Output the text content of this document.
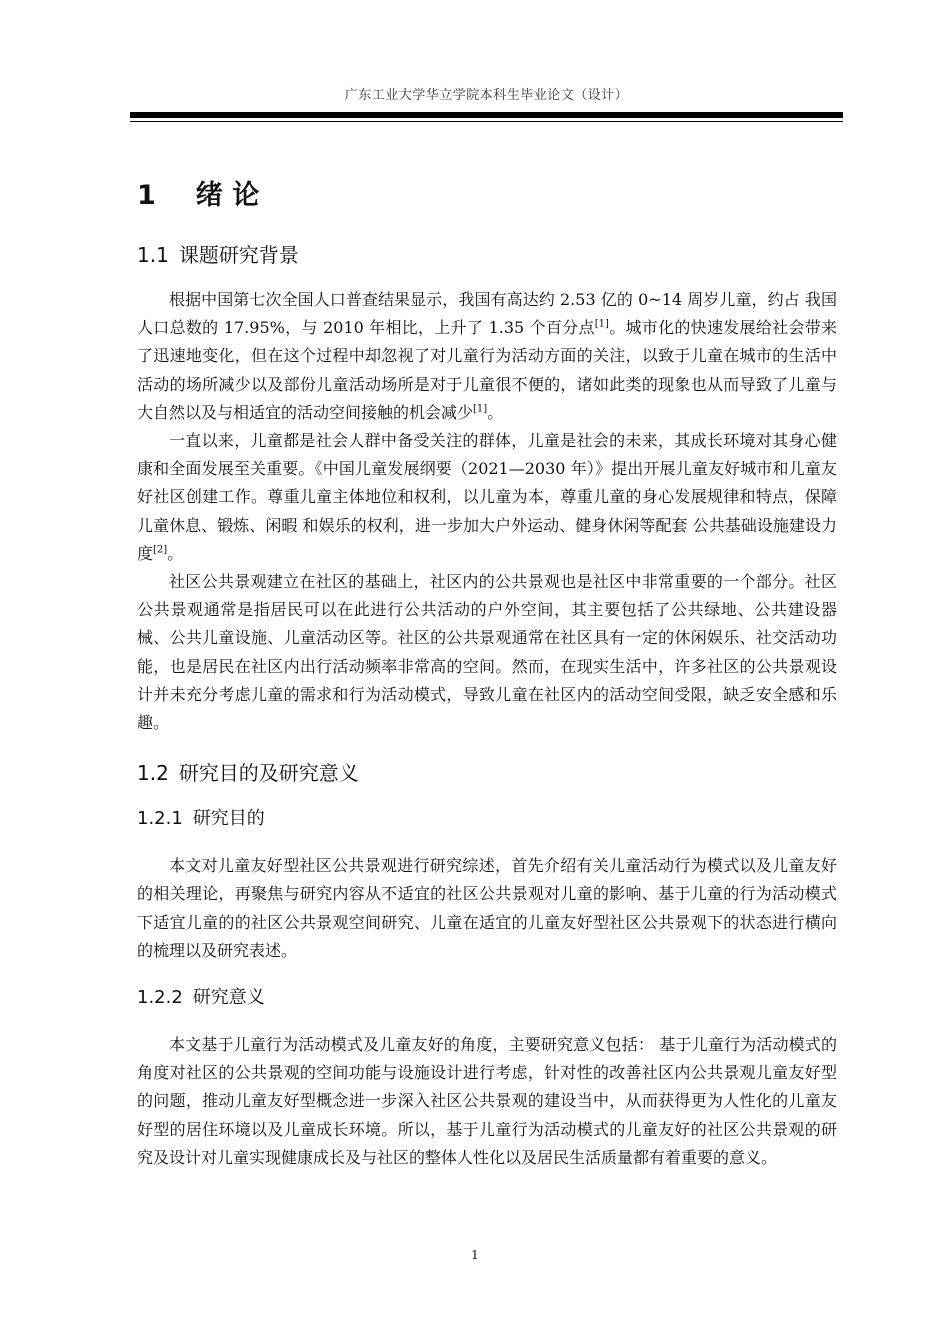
广东工业大学华立学院本科生毕业论文（设计）
1 绪 论
1.1 课题研究背景

根据中国第七次全国人口普查结果显示，我国有高达约 2.53 亿的 0~14 周岁儿童，约占 我国人口总数的 17.95%，与 2010 年相比，上升了 1.35 个百分点[1]。城市化的快速发展给社会带来了迅速地变化，但在这个过程中却忽视了对儿童行为活动方面的关注，以致于儿童在城市的生活中活动的场所减少以及部份儿童活动场所是对于儿童很不便的，诸如此类的现象也从而导致了儿童与大自然以及与相适宜的活动空间接触的机会减少[1]。

一直以来，儿童都是社会人群中备受关注的群体，儿童是社会的未来，其成长环境对其身心健康和全面发展至关重要。《中国儿童发展纲要（2021—2030 年）》提出开展儿童友好城市和儿童友好社区创建工作。尊重儿童主体地位和权利，以儿童为本，尊重儿童的身心发展规律和特点，保障儿童休息、锻炼、闲暇 和娱乐的权利，进一步加大户外运动、健身休闲等配套 公共基础设施建设力度[2]。

社区公共景观建立在社区的基础上，社区内的公共景观也是社区中非常重要的一个部分。社区公共景观通常是指居民可以在此进行公共活动的户外空间，其主要包括了公共绿地、公共建设器械、公共儿童设施、儿童活动区等。社区的公共景观通常在社区具有一定的休闲娱乐、社交活动功能，也是居民在社区内出行活动频率非常高的空间。然而，在现实生活中，许多社区的公共景观设计并未充分考虑儿童的需求和行为活动模式，导致儿童在社区内的活动空间受限，缺乏安全感和乐趣。

1.2 研究目的及研究意义
1.2.1 研究目的

本文对儿童友好型社区公共景观进行研究综述，首先介绍有关儿童活动行为模式以及儿童友好的相关理论，再聚焦与研究内容从不适宜的社区公共景观对儿童的影响、基于儿童的行为活动模式下适宜儿童的的社区公共景观空间研究、儿童在适宜的儿童友好型社区公共景观下的状态进行横向的梳理以及研究表述。

1.2.2 研究意义

本文基于儿童行为活动模式及儿童友好的角度，主要研究意义包括： 基于儿童行为活动模式的角度对社区的公共景观的空间功能与设施设计进行考虑，针对性的改善社区内公共景观儿童友好型的问题，推动儿童友好型概念进一步深入社区公共景观的建设当中，从而获得更为人性化的儿童友好型的居住环境以及儿童成长环境。所以，基于儿童行为活动模式的儿童友好的社区公共景观的研究及设计对儿童实现健康成长及与社区的整体人性化以及居民生活质量都有着重要的意义。

1
